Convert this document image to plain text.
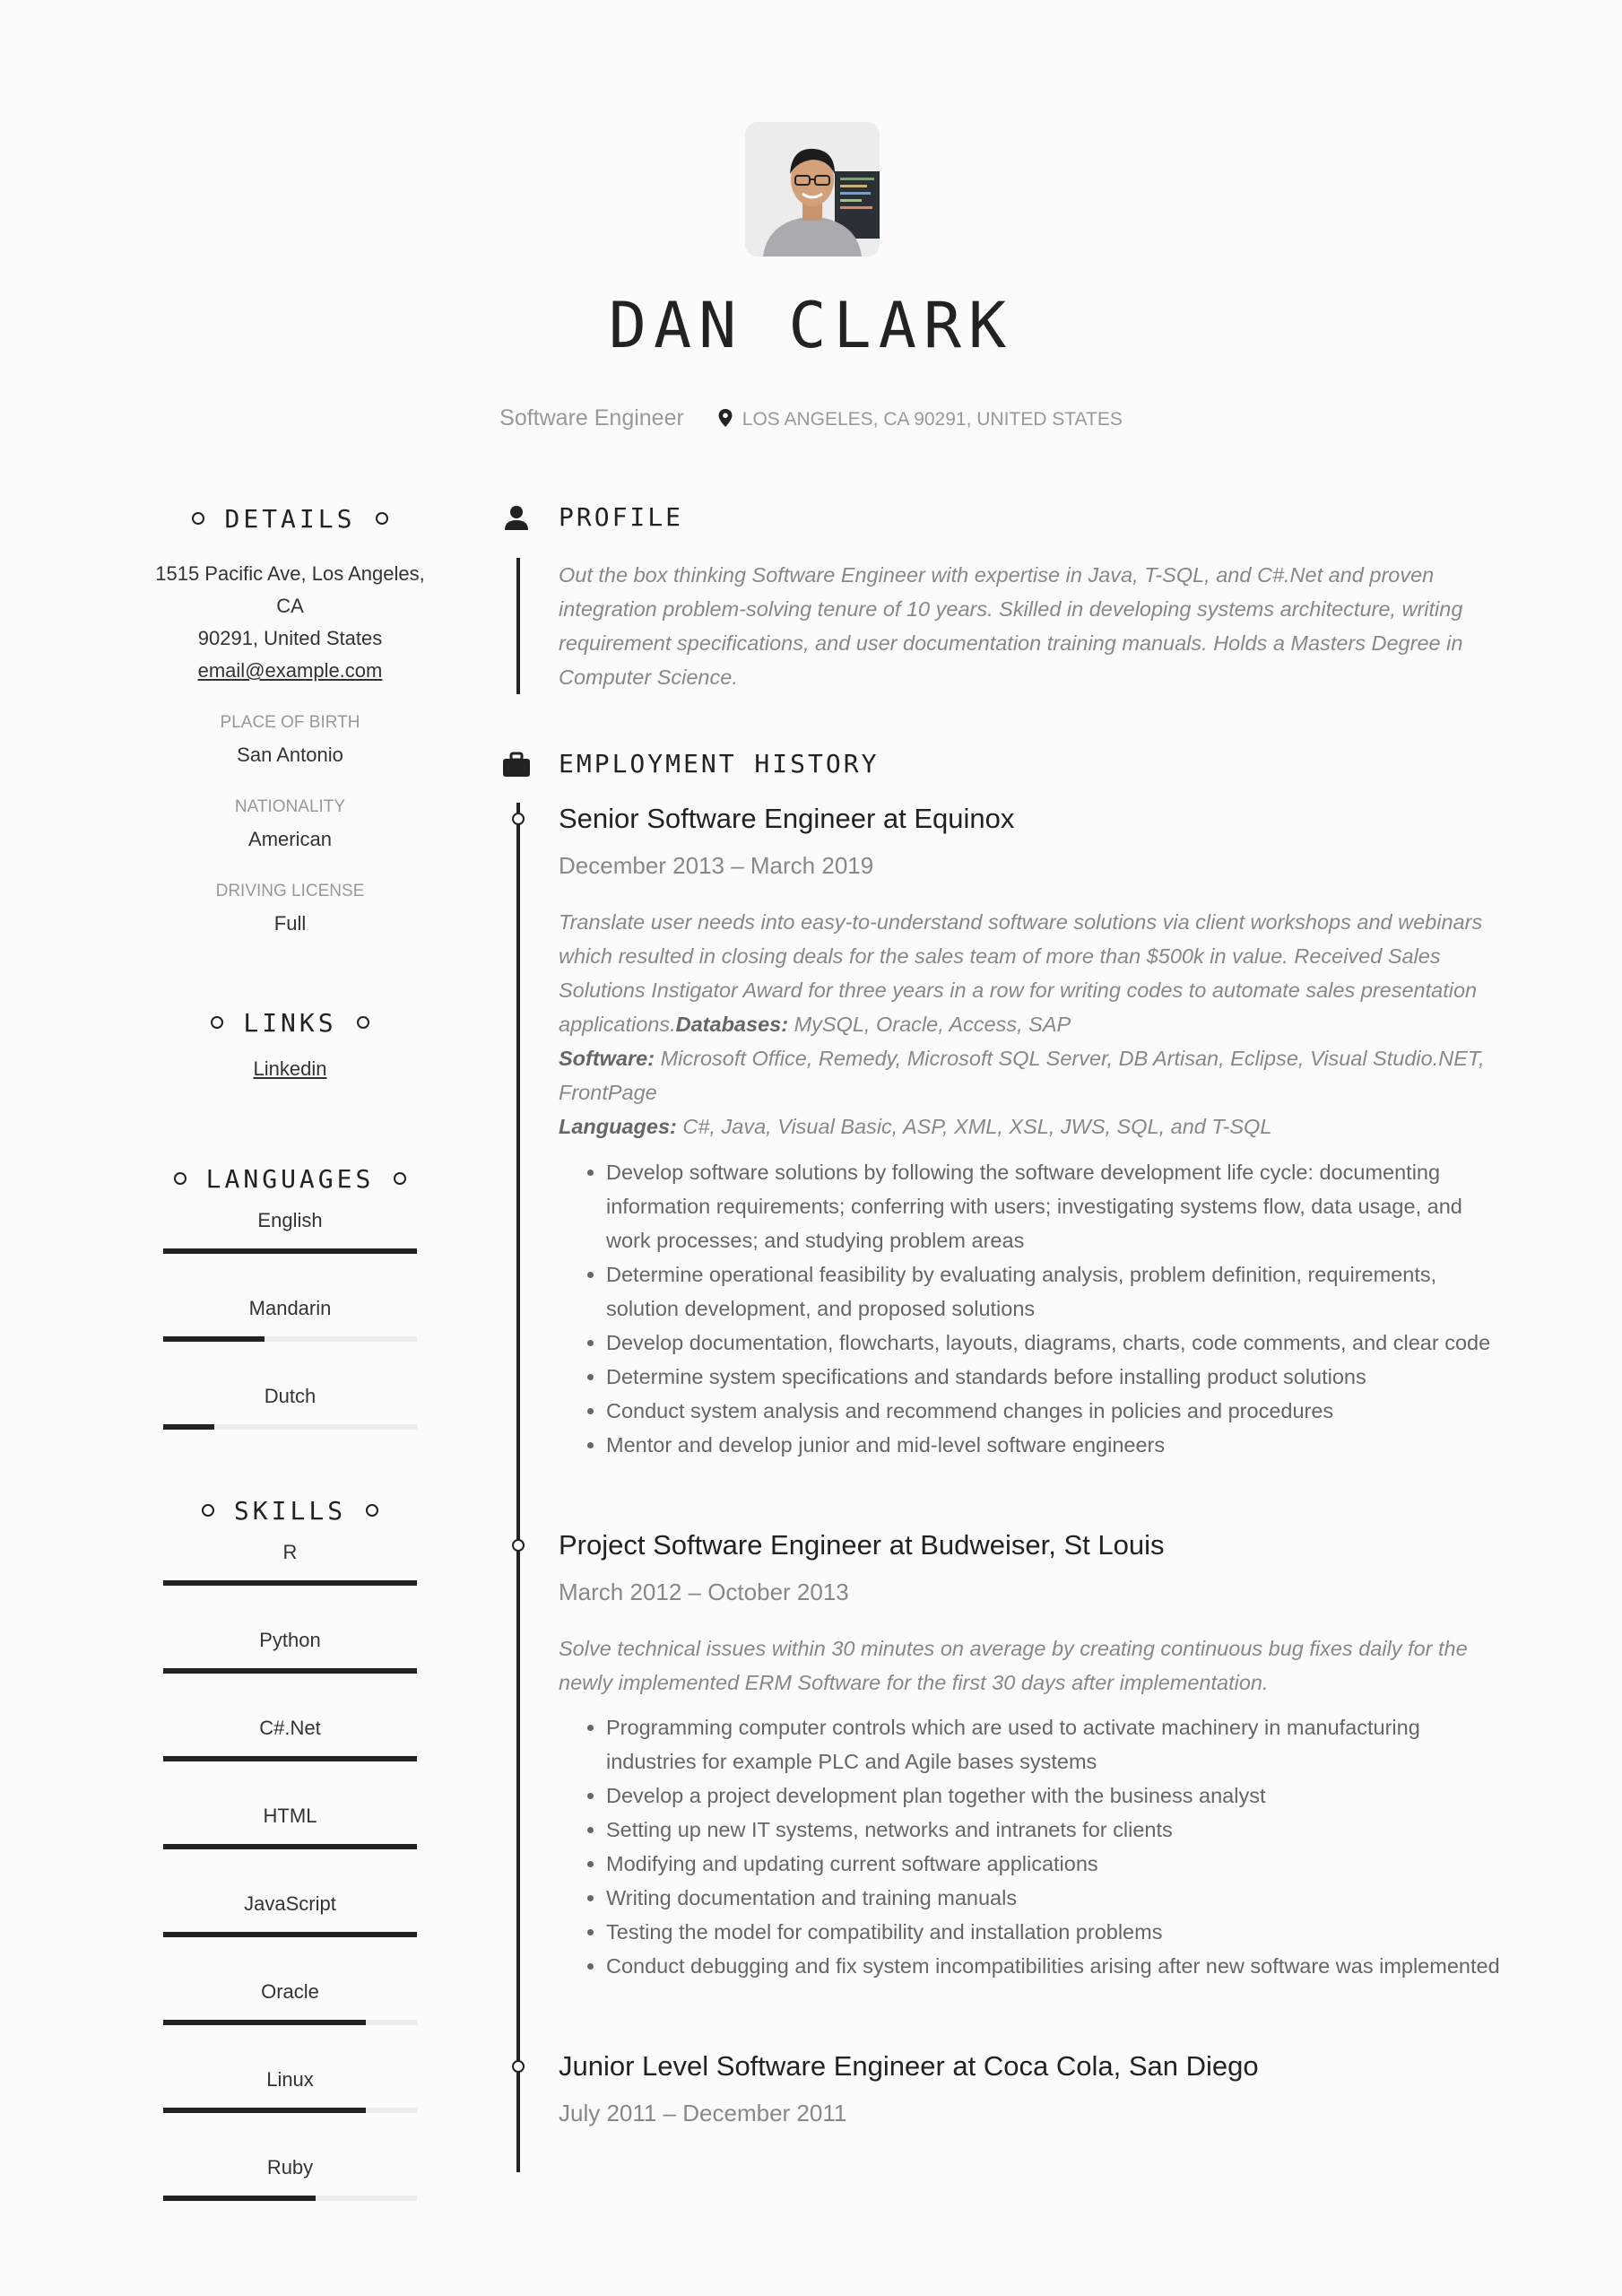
DAN CLARK
Software Engineer	LOS ANGELES, CA 90291, UNITED STATES
DETAILS
1515 Pacific Ave, Los Angeles, CA
90291, United States
email@example.com
PLACE OF BIRTH
San Antonio
NATIONALITY
American
DRIVING LICENSE
Full
LINKS
Linkedin
LANGUAGES
English
Mandarin
Dutch
SKILLS
R
Python
C#.Net
HTML
JavaScript
Oracle
Linux
Ruby
PROFILE
Out the box thinking Software Engineer with expertise in Java, T-SQL, and C#.Net and proven integration problem-solving tenure of 10 years. Skilled in developing systems architecture, writing requirement specifications, and user documentation training manuals. Holds a Masters Degree in Computer Science.
EMPLOYMENT HISTORY
Senior Software Engineer at Equinox
December 2013 – March 2019
Translate user needs into easy-to-understand software solutions via client workshops and webinars which resulted in closing deals for the sales team of more than $500k in value. Received Sales Solutions Instigator Award for three years in a row for writing codes to automate sales presentation applications.Databases: MySQL, Oracle, Access, SAP
Software: Microsoft Office, Remedy, Microsoft SQL Server, DB Artisan, Eclipse, Visual Studio.NET, FrontPage
Languages: C#, Java, Visual Basic, ASP, XML, XSL, JWS, SQL, and T-SQL
• Develop software solutions by following the software development life cycle: documenting information requirements; conferring with users; investigating systems flow, data usage, and work processes; and studying problem areas
• Determine operational feasibility by evaluating analysis, problem definition, requirements, solution development, and proposed solutions
• Develop documentation, flowcharts, layouts, diagrams, charts, code comments, and clear code
• Determine system specifications and standards before installing product solutions
• Conduct system analysis and recommend changes in policies and procedures
• Mentor and develop junior and mid-level software engineers
Project Software Engineer at Budweiser, St Louis
March 2012 – October 2013
Solve technical issues within 30 minutes on average by creating continuous bug fixes daily for the newly implemented ERM Software for the first 30 days after implementation.
• Programming computer controls which are used to activate machinery in manufacturing industries for example PLC and Agile bases systems
• Develop a project development plan together with the business analyst
• Setting up new IT systems, networks and intranets for clients
• Modifying and updating current software applications
• Writing documentation and training manuals
• Testing the model for compatibility and installation problems
• Conduct debugging and fix system incompatibilities arising after new software was implemented
Junior Level Software Engineer at Coca Cola, San Diego
July 2011 – December 2011
